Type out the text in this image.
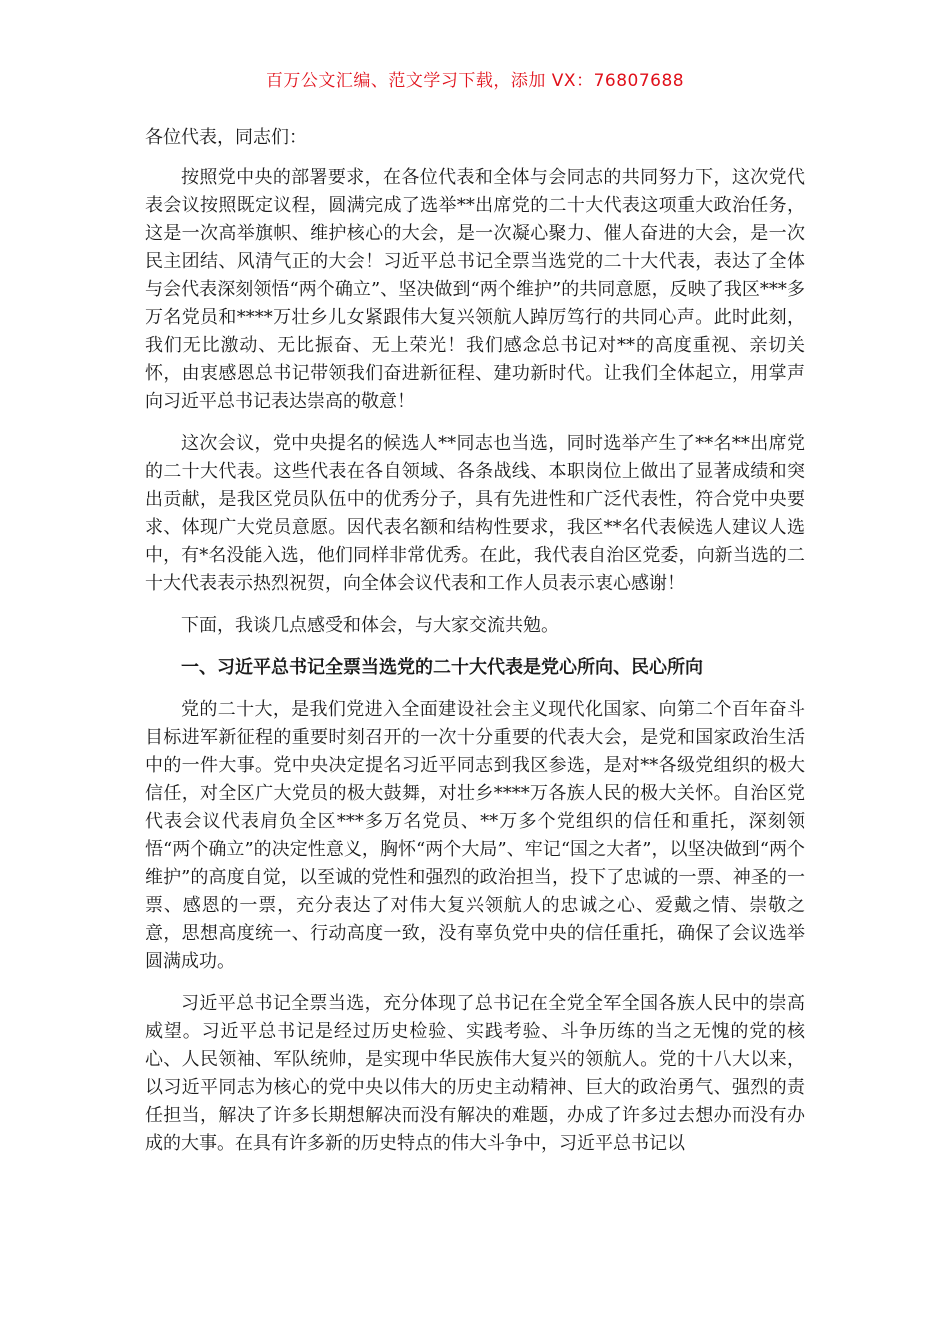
百万公文汇编、范文学习下载，添加 VX：76807688

各位代表，同志们：

按照党中央的部署要求，在各位代表和全体与会同志的共同努力下，这次党代表会议按照既定议程，圆满完成了选举**出席党的二十大代表这项重大政治任务，这是一次高举旗帜、维护核心的大会，是一次凝心聚力、催人奋进的大会，是一次民主团结、风清气正的大会！习近平总书记全票当选党的二十大代表，表达了全体与会代表深刻领悟“两个确立”、坚决做到“两个维护”的共同意愿，反映了我区***多万名党员和****万壮乡儿女紧跟伟大复兴领航人踔厉笃行的共同心声。此时此刻，我们无比激动、无比振奋、无上荣光！我们感念总书记对**的高度重视、亲切关怀，由衷感恩总书记带领我们奋进新征程、建功新时代。让我们全体起立，用掌声向习近平总书记表达崇高的敬意！

这次会议，党中央提名的候选人**同志也当选，同时选举产生了**名**出席党的二十大代表。这些代表在各自领域、各条战线、本职岗位上做出了显著成绩和突出贡献，是我区党员队伍中的优秀分子，具有先进性和广泛代表性，符合党中央要求、体现广大党员意愿。因代表名额和结构性要求，我区**名代表候选人建议人选中，有*名没能入选，他们同样非常优秀。在此，我代表自治区党委，向新当选的二十大代表表示热烈祝贺，向全体会议代表和工作人员表示衷心感谢！

下面，我谈几点感受和体会，与大家交流共勉。

一、习近平总书记全票当选党的二十大代表是党心所向、民心所向

党的二十大，是我们党进入全面建设社会主义现代化国家、向第二个百年奋斗目标进军新征程的重要时刻召开的一次十分重要的代表大会，是党和国家政治生活中的一件大事。党中央决定提名习近平同志到我区参选，是对**各级党组织的极大信任，对全区广大党员的极大鼓舞，对壮乡****万各族人民的极大关怀。自治区党代表会议代表肩负全区***多万名党员、**万多个党组织的信任和重托，深刻领悟“两个确立”的决定性意义，胸怀“两个大局”、牢记“国之大者”，以坚决做到“两个维护”的高度自觉，以至诚的党性和强烈的政治担当，投下了忠诚的一票、神圣的一票、感恩的一票，充分表达了对伟大复兴领航人的忠诚之心、爱戴之情、崇敬之意，思想高度统一、行动高度一致，没有辜负党中央的信任重托，确保了会议选举圆满成功。

习近平总书记全票当选，充分体现了总书记在全党全军全国各族人民中的崇高威望。习近平总书记是经过历史检验、实践考验、斗争历练的当之无愧的党的核心、人民领袖、军队统帅，是实现中华民族伟大复兴的领航人。党的十八大以来，以习近平同志为核心的党中央以伟大的历史主动精神、巨大的政治勇气、强烈的责任担当，解决了许多长期想解决而没有解决的难题，办成了许多过去想办而没有办成的大事。在具有许多新的历史特点的伟大斗争中，习近平总书记以
